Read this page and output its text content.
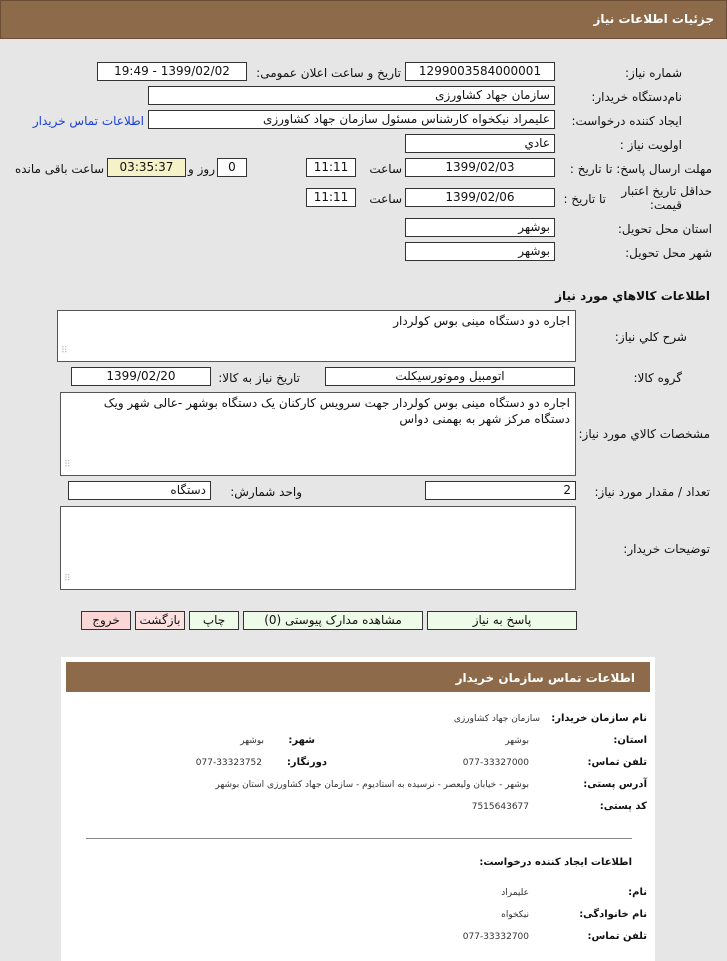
جزئيات اطلاعات نياز
شماره نیاز:
1299003584000001
تاريخ و ساعت اعلان عمومی:
1399/02/02 - 19:49
نام‌دستگاه خریدار:
سازمان جهاد کشاورزی
ایجاد کننده درخواست:
علیمراد نیکخواه کارشناس مسئول سازمان جهاد کشاورزی
اطلاعات تماس خریدار
اولویت نیاز :
عادي
مهلت ارسال پاسخ: تا تاریخ :
1399/02/03
ساعت
11:11
0
روز و
03:35:37
ساعت باقی مانده
حداقل تاریخ اعتبار
قیمت:
تا تاریخ :
1399/02/06
ساعت
11:11
استان محل تحویل:
بوشهر
شهر محل تحویل:
بوشهر
اطلاعات کالاهاي مورد نياز
شرح کلي نياز:
اجاره دو دستگاه مینی بوس کولردار
⠿
گروه کالا:
اتومبیل وموتورسیکلت
تاريخ نياز به کالا:
1399/02/20
مشخصات کالاي مورد نياز:
اجاره دو دستگاه مینی بوس کولردار جهت سرویس کارکنان یک دستگاه بوشهر -عالی شهر ویک دستگاه مرکز شهر به بهمنی دواس
⠿
تعداد / مقدار مورد نیاز:
2
واحد شمارش:
دستگاه
توضیحات خریدار:
⠿
پاسخ به نياز
مشاهده مدارک پیوستی (0)
چاپ
بازگشت
خروج
اطلاعات تماس سازمان خریدار
نام سازمان خریدار:
سازمان جهاد کشاورزی
استان:
بوشهر
شهر:
بوشهر
تلفن تماس:
077-33327000
دورنگار:
077-33323752
آدرس پستی:
بوشهر - خیابان ولیعصر - نرسیده به استادیوم - سازمان جهاد کشاورزی استان بوشهر
کد پستی:
7515643677
اطلاعات ایجاد کننده درخواست:
نام:
علیمراد
نام خانوادگی:
نیکخواه
تلفن تماس:
077-33332700
